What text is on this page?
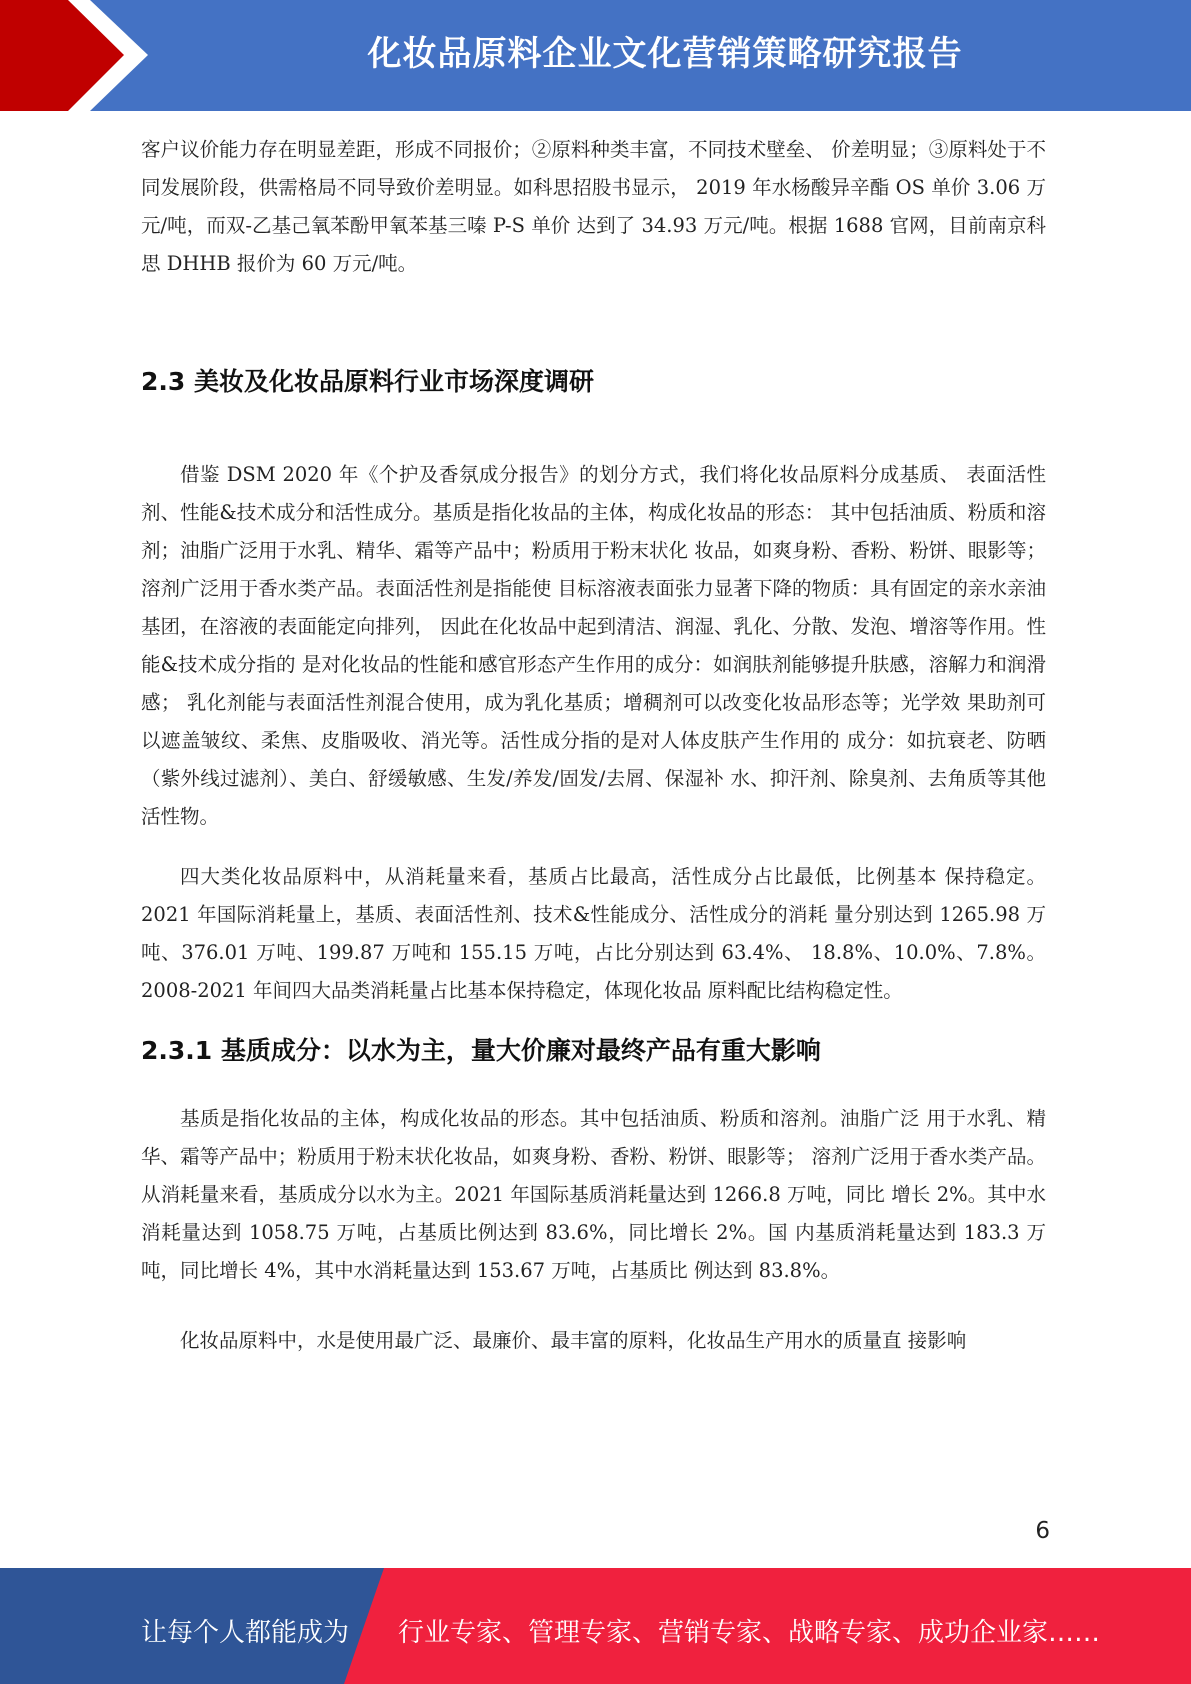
化妆品原料企业文化营销策略研究报告

客户议价能力存在明显差距，形成不同报价；②原料种类丰富，不同技术壁垒、 价差明显；③原料处于不同发展阶段，供需格局不同导致价差明显。如科思招股书显示， 2019 年水杨酸异辛酯 OS 单价 3.06 万元/吨，而双-乙基己氧苯酚甲氧苯基三嗪 P-S 单价 达到了 34.93 万元/吨。根据 1688 官网，目前南京科思 DHHB 报价为 60 万元/吨。

2.3 美妆及化妆品原料行业市场深度调研

借鉴 DSM 2020 年《个护及香氛成分报告》的划分方式，我们将化妆品原料分成基质、 表面活性剂、性能&技术成分和活性成分。基质是指化妆品的主体，构成化妆品的形态： 其中包括油质、粉质和溶剂；油脂广泛用于水乳、精华、霜等产品中；粉质用于粉末状化 妆品，如爽身粉、香粉、粉饼、眼影等；溶剂广泛用于香水类产品。表面活性剂是指能使 目标溶液表面张力显著下降的物质：具有固定的亲水亲油基团，在溶液的表面能定向排列， 因此在化妆品中起到清洁、润湿、乳化、分散、发泡、增溶等作用。性能&技术成分指的 是对化妆品的性能和感官形态产生作用的成分：如润肤剂能够提升肤感，溶解力和润滑感； 乳化剂能与表面活性剂混合使用，成为乳化基质；增稠剂可以改变化妆品形态等；光学效 果助剂可以遮盖皱纹、柔焦、皮脂吸收、消光等。活性成分指的是对人体皮肤产生作用的 成分：如抗衰老、防晒（紫外线过滤剂）、美白、舒缓敏感、生发/养发/固发/去屑、保湿补 水、抑汗剂、除臭剂、去角质等其他活性物。

四大类化妆品原料中，从消耗量来看，基质占比最高，活性成分占比最低，比例基本 保持稳定。2021 年国际消耗量上，基质、表面活性剂、技术&性能成分、活性成分的消耗 量分别达到 1265.98 万吨、376.01 万吨、199.87 万吨和 155.15 万吨，占比分别达到 63.4%、 18.8%、10.0%、7.8%。2008-2021 年间四大品类消耗量占比基本保持稳定，体现化妆品 原料配比结构稳定性。

2.3.1 基质成分：以水为主，量大价廉对最终产品有重大影响

基质是指化妆品的主体，构成化妆品的形态。其中包括油质、粉质和溶剂。油脂广泛 用于水乳、精华、霜等产品中；粉质用于粉末状化妆品，如爽身粉、香粉、粉饼、眼影等； 溶剂广泛用于香水类产品。 从消耗量来看，基质成分以水为主。2021 年国际基质消耗量达到 1266.8 万吨，同比 增长 2%。其中水消耗量达到 1058.75 万吨，占基质比例达到 83.6%，同比增长 2%。国 内基质消耗量达到 183.3 万吨，同比增长 4%，其中水消耗量达到 153.67 万吨，占基质比 例达到 83.8%。

化妆品原料中，水是使用最广泛、最廉价、最丰富的原料，化妆品生产用水的质量直 接影响

6
让每个人都能成为 行业专家、管理专家、营销专家、战略专家、成功企业家……
